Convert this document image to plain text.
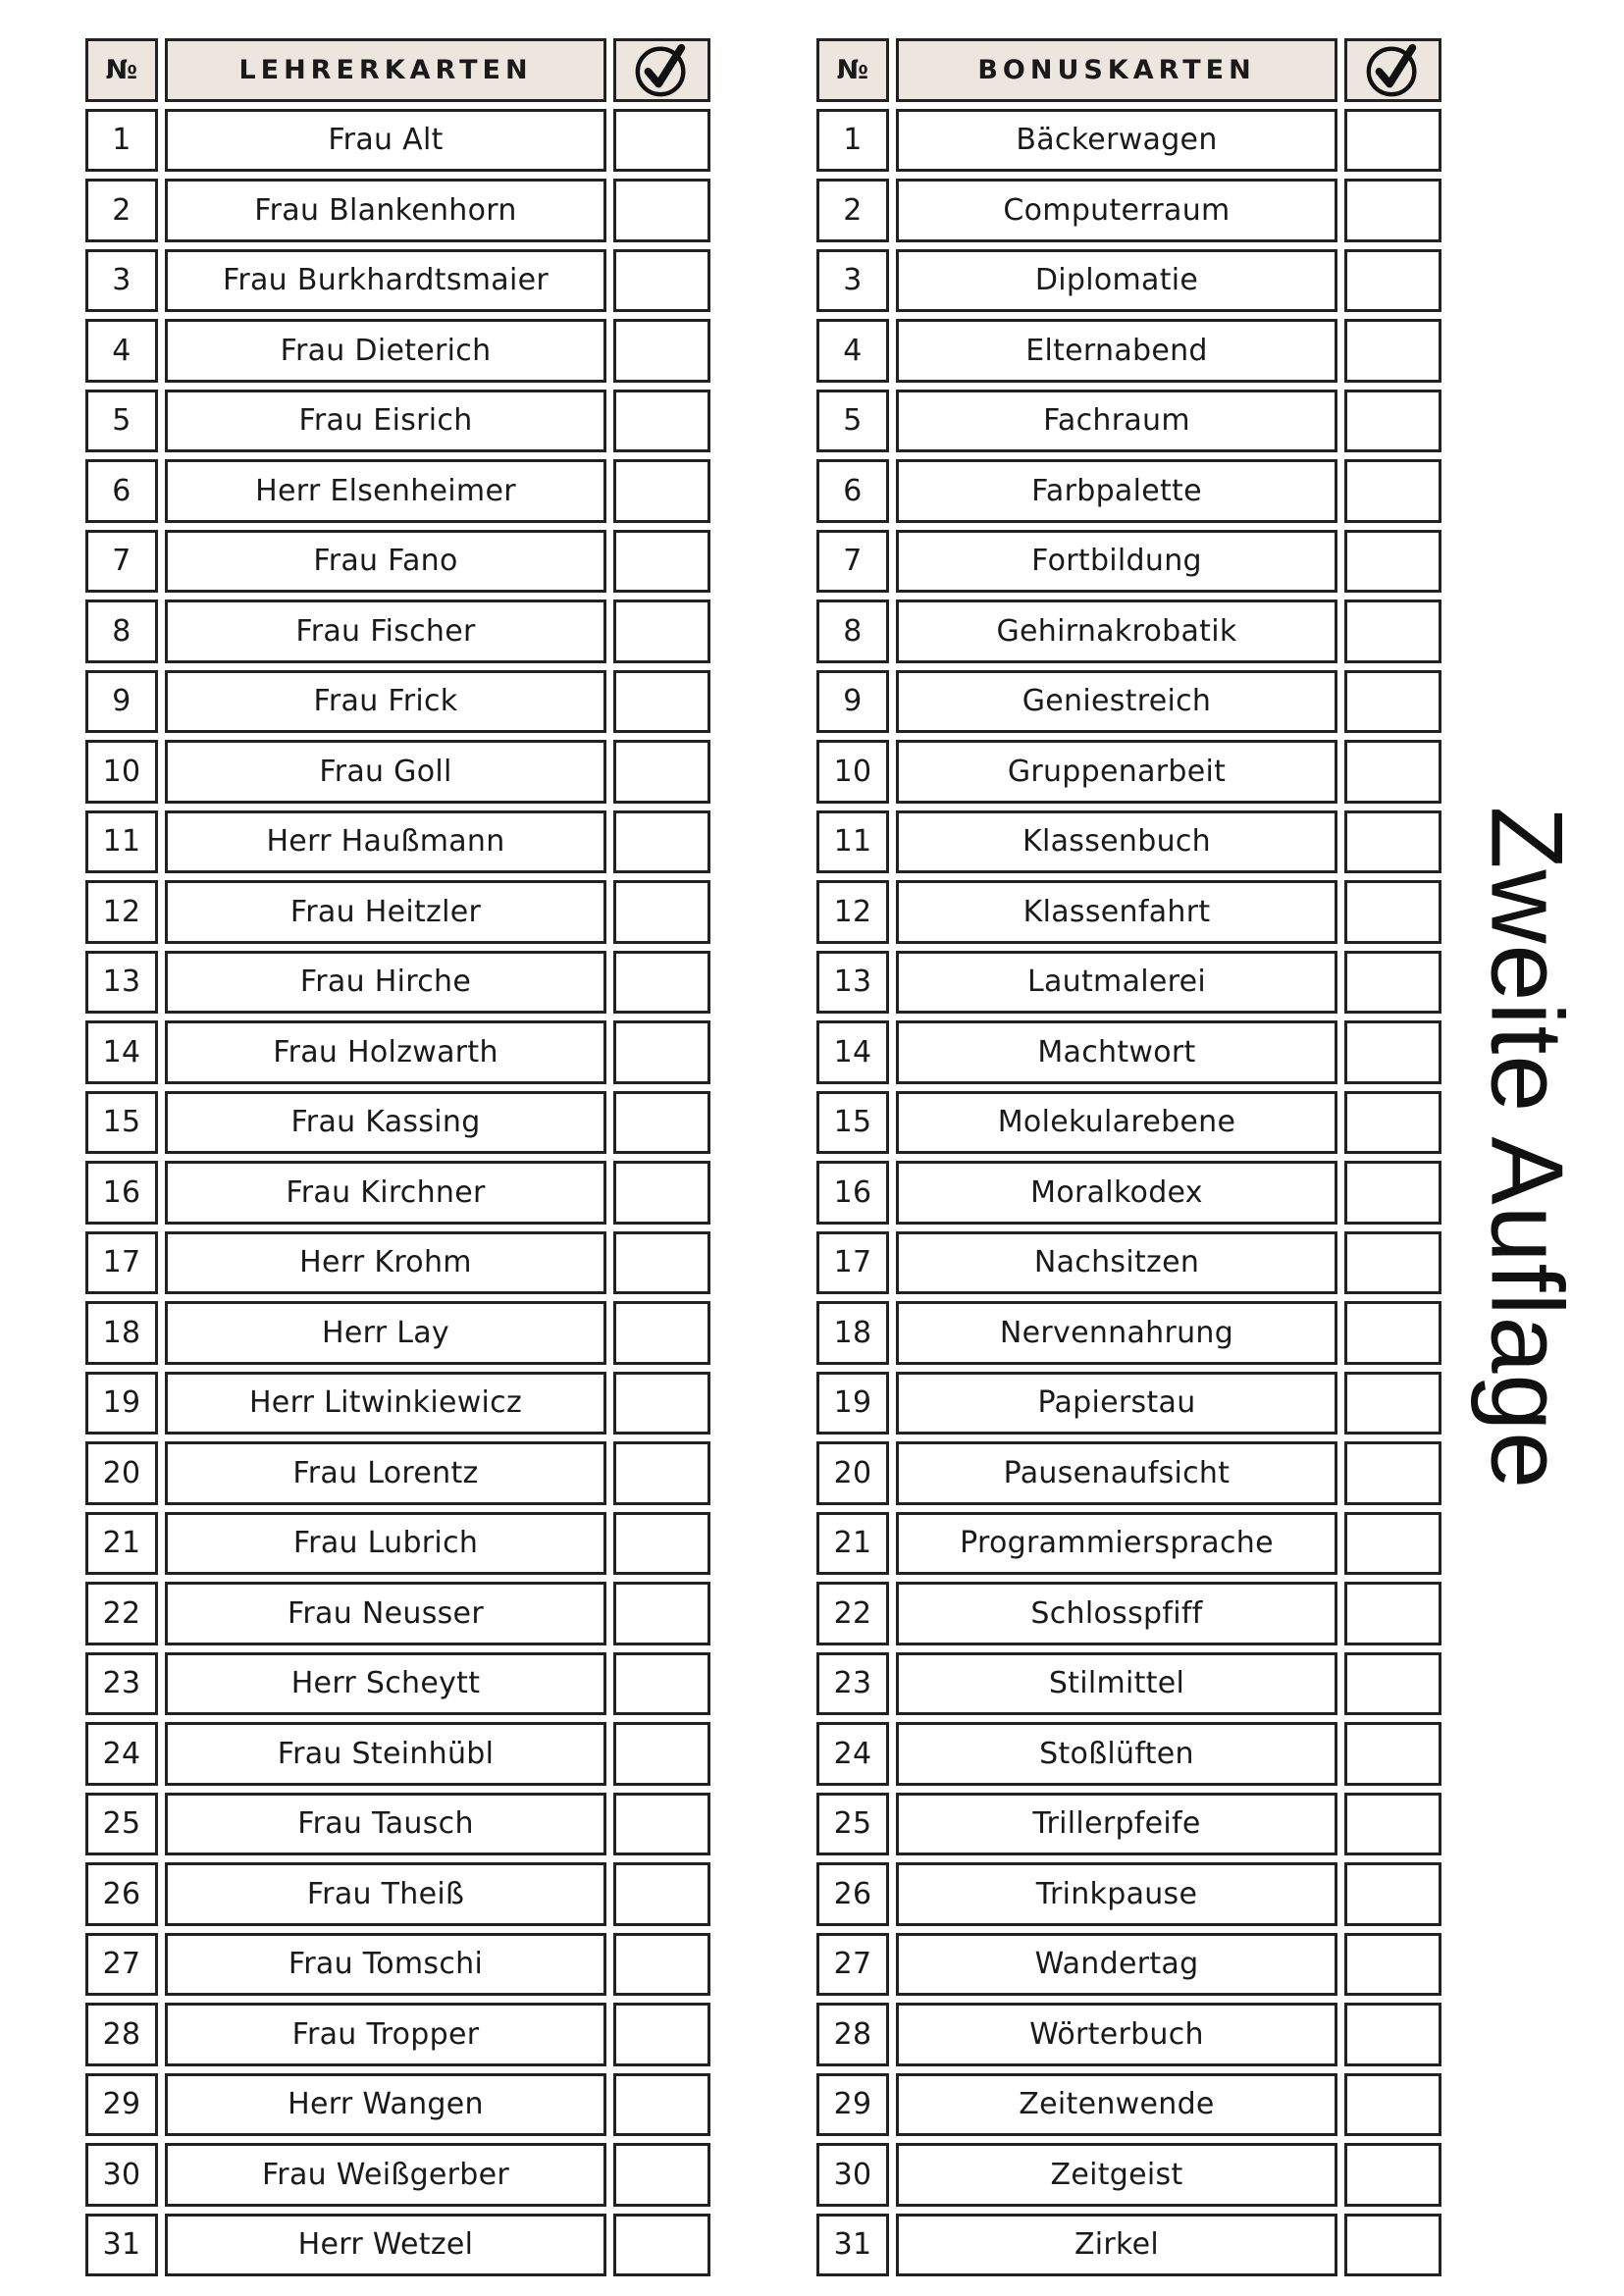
№	LEHRERKARTEN
1	Frau Alt
2	Frau Blankenhorn
3	Frau Burkhardtsmaier
4	Frau Dieterich
5	Frau Eisrich
6	Herr Elsenheimer
7	Frau Fano
8	Frau Fischer
9	Frau Frick
10	Frau Goll
11	Herr Haußmann
12	Frau Heitzler
13	Frau Hirche
14	Frau Holzwarth
15	Frau Kassing
16	Frau Kirchner
17	Herr Krohm
18	Herr Lay
19	Herr Litwinkiewicz
20	Frau Lorentz
21	Frau Lubrich
22	Frau Neusser
23	Herr Scheytt
24	Frau Steinhübl
25	Frau Tausch
26	Frau Theiß
27	Frau Tomschi
28	Frau Tropper
29	Herr Wangen
30	Frau Weißgerber
31	Herr Wetzel
№	BONUSKARTEN
1	Bäckerwagen
2	Computerraum
3	Diplomatie
4	Elternabend
5	Fachraum
6	Farbpalette
7	Fortbildung
8	Gehirnakrobatik
9	Geniestreich
10	Gruppenarbeit
11	Klassenbuch
12	Klassenfahrt
13	Lautmalerei
14	Machtwort
15	Molekularebene
16	Moralkodex
17	Nachsitzen
18	Nervennahrung
19	Papierstau
20	Pausenaufsicht
21	Programmiersprache
22	Schlosspfiff
23	Stilmittel
24	Stoßlüften
25	Trillerpfeife
26	Trinkpause
27	Wandertag
28	Wörterbuch
29	Zeitenwende
30	Zeitgeist
31	Zirkel
Zweite Auflage
